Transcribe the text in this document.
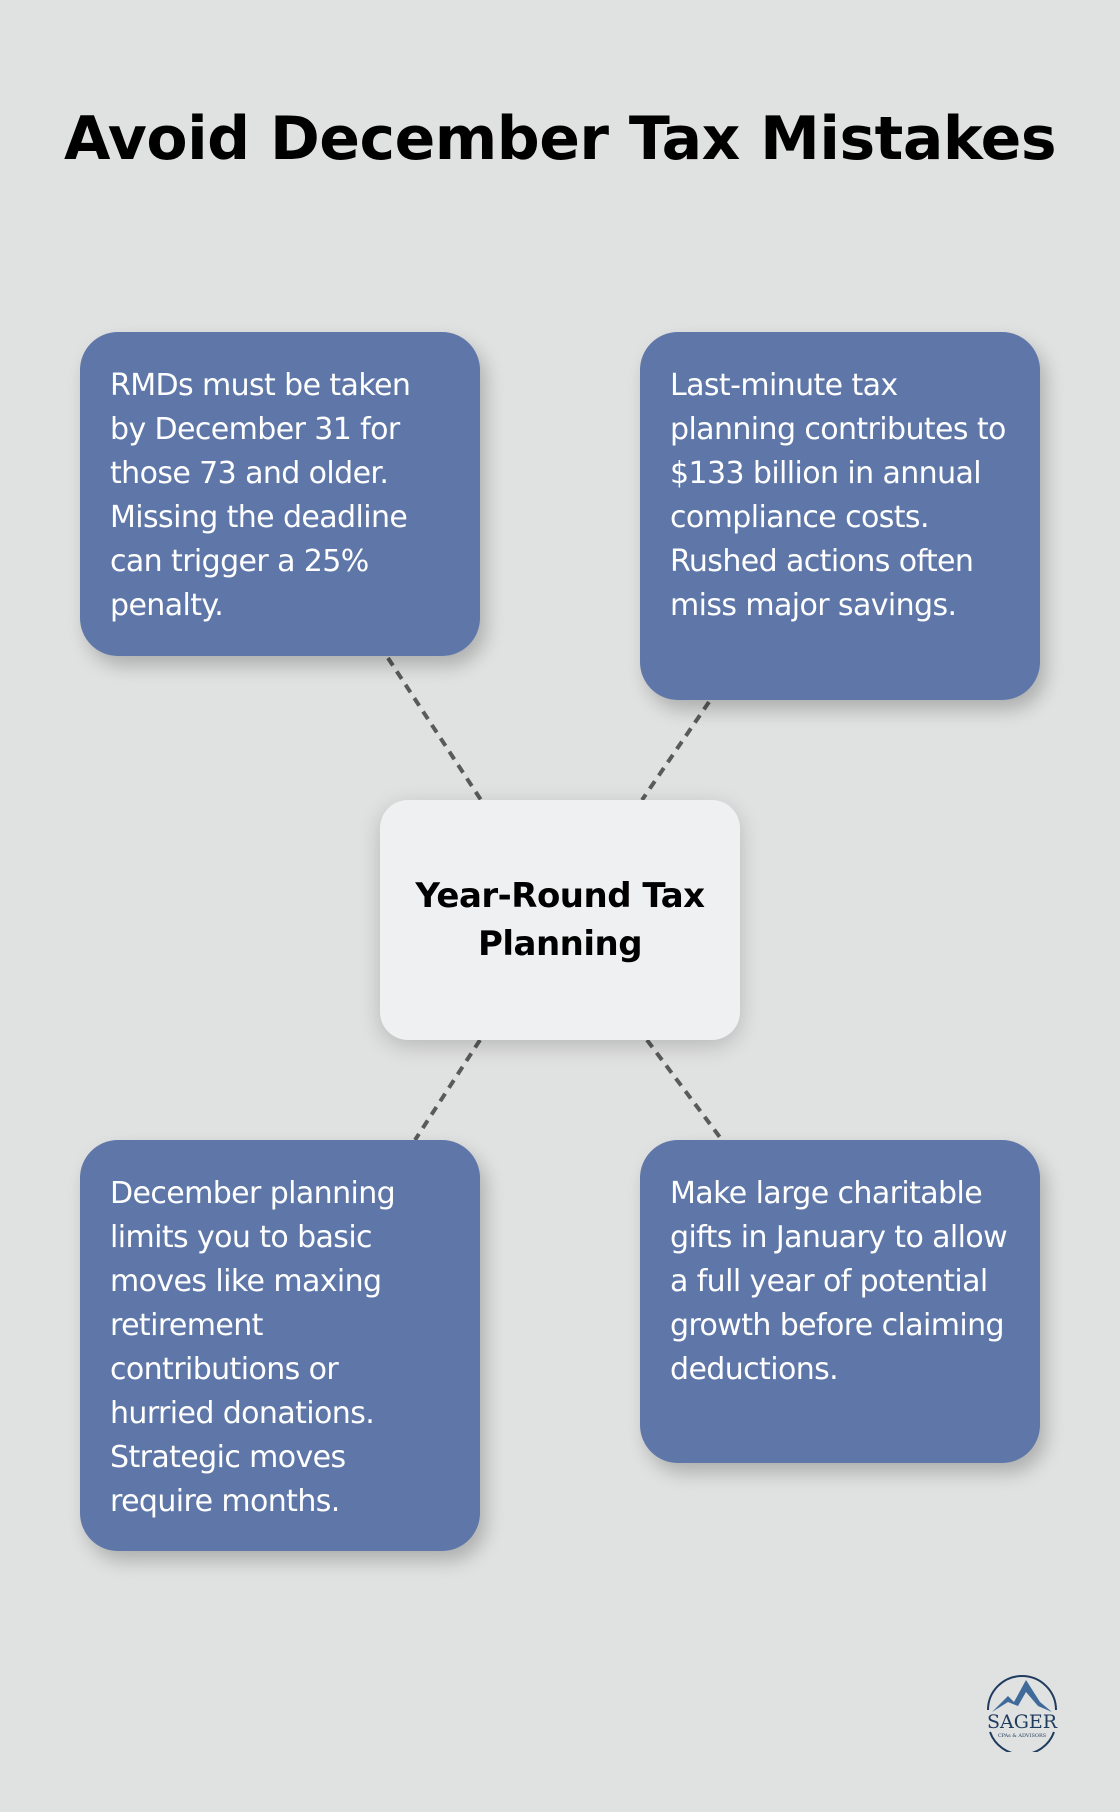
Avoid December Tax Mistakes
RMDs must be taken by December 31 for those 73 and older. Missing the deadline can trigger a 25% penalty.
Last-minute tax planning contributes to $133 billion in annual compliance costs. Rushed actions often miss major savings.
Year-Round Tax Planning
December planning limits you to basic moves like maxing retirement contributions or hurried donations. Strategic moves require months.
Make large charitable gifts in January to allow a full year of potential growth before claiming deductions.
SAGER
CPAs & ADVISORS
